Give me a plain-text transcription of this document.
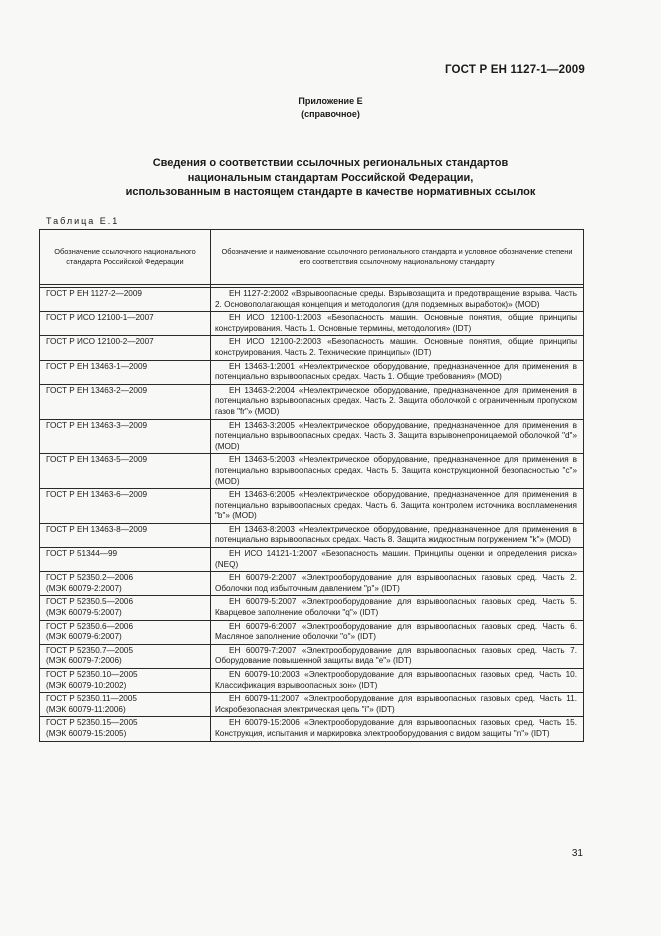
ГОСТ Р ЕН 1127-1—2009
Приложение Е
(справочное)
Сведения о соответствии ссылочных региональных стандартов
национальным стандартам Российской Федерации,
использованным в настоящем стандарте в качестве нормативных ссылок
Таблица Е.1
Обозначение ссылочного национального стандарта Российской Федерации	Обозначение и наименование ссылочного регионального стандарта и условное обозначение степени его соответствия ссылочному национальному стандарту

ГОСТ Р ЕН 1127-2—2009	ЕН 1127-2:2002 «Взрывоопасные среды. Взрывозащита и предотвращение взрыва. Часть 2. Основополагающая концепция и методология (для подземных выработок)» (MOD)

ГОСТ Р ИСО 12100-1—2007	ЕН ИСО 12100-1:2003 «Безопасность машин. Основные понятия, общие принципы конструирования. Часть 1. Основные термины, методология» (IDT)

ГОСТ Р ИСО 12100-2—2007	ЕН ИСО 12100-2:2003 «Безопасность машин. Основные понятия, общие принципы конструирования. Часть 2. Технические принципы» (IDT)

ГОСТ Р ЕН 13463-1—2009	ЕН 13463-1:2001 «Неэлектрическое оборудование, предназначенное для применения в потенциально взрывоопасных средах. Часть 1. Общие требования» (MOD)

ГОСТ Р ЕН 13463-2—2009	ЕН 13463-2:2004 «Неэлектрическое оборудование, предназначенное для применения в потенциально взрывоопасных средах. Часть 2. Защита оболочкой с ограниченным пропуском газов "fr"» (MOD)

ГОСТ Р ЕН 13463-3—2009	ЕН 13463-3:2005 «Неэлектрическое оборудование, предназначенное для применения в потенциально взрывоопасных средах. Часть 3. Защита взрывонепроницаемой оболочкой "d"» (MOD)

ГОСТ Р ЕН 13463-5—2009	ЕН 13463-5:2003 «Неэлектрическое оборудование, предназначенное для применения в потенциально взрывоопасных средах. Часть 5. Защита конструкционной безопасностью "c"» (MOD)

ГОСТ Р ЕН 13463-6—2009	ЕН 13463-6:2005 «Неэлектрическое оборудование, предназначенное для применения в потенциально взрывоопасных средах. Часть 6. Защита контролем источника воспламенения "b"» (MOD)

ГОСТ Р ЕН 13463-8—2009	ЕН 13463-8:2003 «Неэлектрическое оборудование, предназначенное для применения в потенциально взрывоопасных средах. Часть 8. Защита жидкостным погружением "k"» (MOD)

ГОСТ Р 51344—99	ЕН ИСО 14121-1:2007 «Безопасность машин. Принципы оценки и определения риска» (NEQ)

ГОСТ Р 52350.2—2006
(МЭК 60079-2:2007)	ЕН 60079-2:2007 «Электрооборудование для взрывоопасных газовых сред. Часть 2. Оболочки под избыточным давлением "p"» (IDT)

ГОСТ Р 52350.5—2006
(МЭК 60079-5:2007)	ЕН 60079-5:2007 «Электрооборудование для взрывоопасных газовых сред. Часть 5. Кварцевое заполнение оболочки "q"» (IDT)

ГОСТ Р 52350.6—2006
(МЭК 60079-6:2007)	ЕН 60079-6:2007 «Электрооборудование для взрывоопасных газовых сред. Часть 6. Масляное заполнение оболочки "o"» (IDT)

ГОСТ Р 52350.7—2005
(МЭК 60079-7:2006)	ЕН 60079-7:2007 «Электрооборудование для взрывоопасных газовых сред. Часть 7. Оборудование повышенной защиты вида "e"» (IDT)

ГОСТ Р 52350.10—2005
(МЭК 60079-10:2002)	ЕN 60079-10:2003 «Электрооборудование для взрывоопасных газовых сред. Часть 10. Классификация взрывоопасных зон» (IDT)

ГОСТ Р 52350.11—2005
(МЭК 60079-11:2006)	ЕН 60079-11:2007 «Электрооборудование для взрывоопасных газовых сред. Часть 11. Искробезопасная электрическая цепь "i"» (IDT)

ГОСТ Р 52350.15—2005
(МЭК 60079-15:2005)	ЕН 60079-15:2006 «Электрооборудование для взрывоопасных газовых сред. Часть 15. Конструкция, испытания и маркировка электрооборудования с видом защиты "n"» (IDT)
31
